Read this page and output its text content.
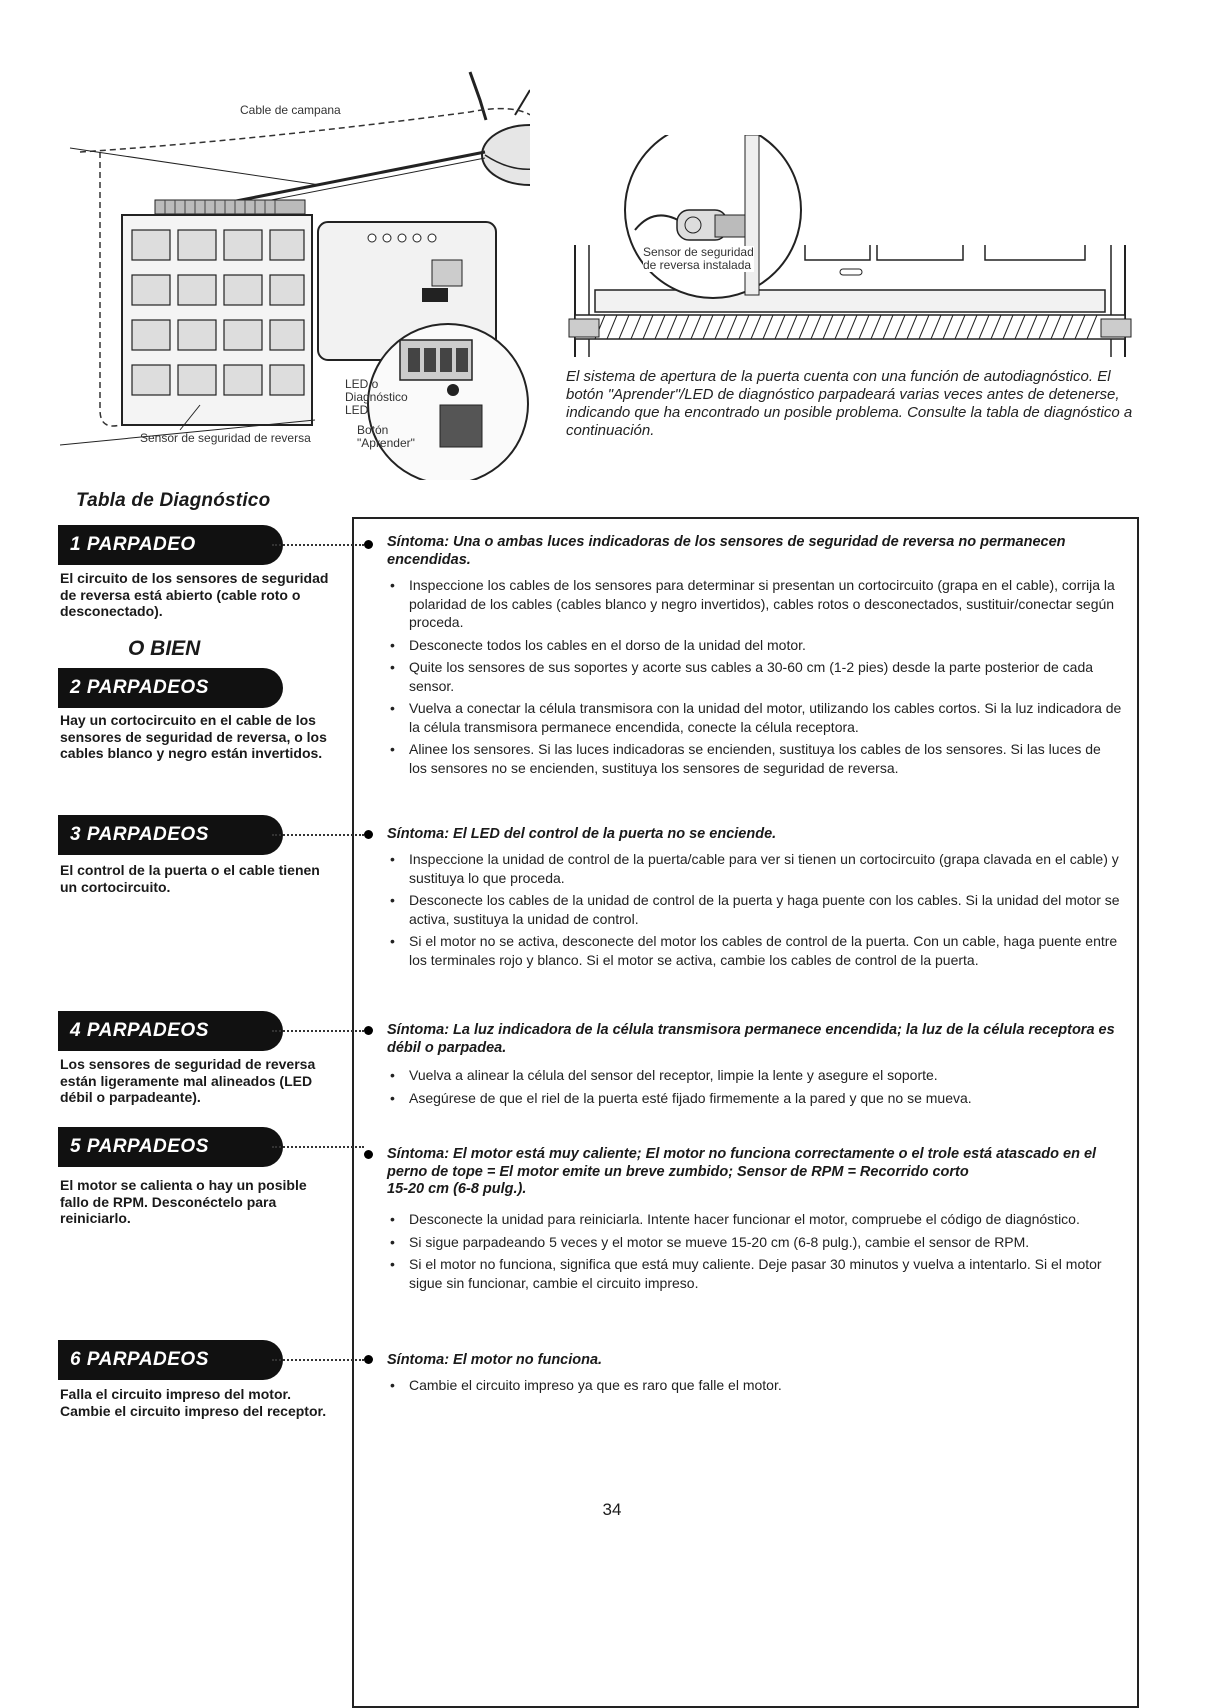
Cable de campana
Sensor de seguridad de reversa
LED o
Diagnóstico
LED
Botón
"Aprender"
Sensor de seguridad
de reversa instalada
El sistema de apertura de la puerta cuenta con una función de autodiagnóstico. El botón "Aprender"/LED de diagnóstico parpadeará varias veces antes de detenerse, indicando que ha encontrado un posible problema. Consulte la tabla de diagnóstico a continuación.
Tabla de Diagnóstico
1 PARPADEO
El circuito de los sensores de seguridad de reversa está abierto (cable roto o desconectado).
O BIEN
2 PARPADEOS
Hay un cortocircuito en el cable de los sensores de seguridad de reversa, o los cables blanco y negro están invertidos.
3 PARPADEOS
El control de la puerta o el cable tienen un cortocircuito.
4 PARPADEOS
Los sensores de seguridad de reversa están ligeramente mal alineados (LED débil o parpadeante).
5 PARPADEOS
El motor se calienta o hay un posible fallo de RPM. Desconéctelo para reiniciarlo.
6 PARPADEOS
Falla el circuito impreso del motor. Cambie el circuito impreso del receptor.
Síntoma: Una o ambas luces indicadoras de los sensores de seguridad de reversa no permanecen encendidas.
• Inspeccione los cables de los sensores para determinar si presentan un cortocircuito (grapa en el cable), corrija la polaridad de los cables (cables blanco y negro invertidos), cables rotos o desconectados, sustituir/conectar según proceda.
• Desconecte todos los cables en el dorso de la unidad del motor.
• Quite los sensores de sus soportes y acorte sus cables a 30-60 cm (1-2 pies) desde la parte posterior de cada sensor.
• Vuelva a conectar la célula transmisora con la unidad del motor, utilizando los cables cortos. Si la luz indicadora de la célula transmisora permanece encendida, conecte la célula receptora.
• Alinee los sensores. Si las luces indicadoras se encienden, sustituya los cables de los sensores. Si las luces de los sensores no se encienden, sustituya los sensores de seguridad de reversa.
Síntoma: El LED del control de la puerta no se enciende.
• Inspeccione la unidad de control de la puerta/cable para ver si tienen un cortocircuito (grapa clavada en el cable) y sustituya lo que proceda.
• Desconecte los cables de la unidad de control de la puerta y haga puente con los cables. Si la unidad del motor se activa, sustituya la unidad de control.
• Si el motor no se activa, desconecte del motor los cables de control de la puerta. Con un cable, haga puente entre los terminales rojo y blanco. Si el motor se activa, cambie los cables de control de la puerta.
Síntoma: La luz indicadora de la célula transmisora permanece encendida; la luz de la célula receptora es débil o parpadea.
• Vuelva a alinear la célula del sensor del receptor, limpie la lente y asegure el soporte.
• Asegúrese de que el riel de la puerta esté fijado firmemente a la pared y que no se mueva.
Síntoma: El motor está muy caliente; El motor no funciona correctamente o el trole está atascado en el perno de tope = El motor emite un breve zumbido; Sensor de RPM = Recorrido corto
15-20 cm (6-8 pulg.).
• Desconecte la unidad para reiniciarla. Intente hacer funcionar el motor, compruebe el código de diagnóstico.
• Si sigue parpadeando 5 veces y el motor se mueve 15-20 cm (6-8 pulg.), cambie el sensor de RPM.
• Si el motor no funciona, significa que está muy caliente. Deje pasar 30 minutos y vuelva a intentarlo. Si el motor sigue sin funcionar, cambie el circuito impreso.
Síntoma: El motor no funciona.
• Cambie el circuito impreso ya que es raro que falle el motor.
34
